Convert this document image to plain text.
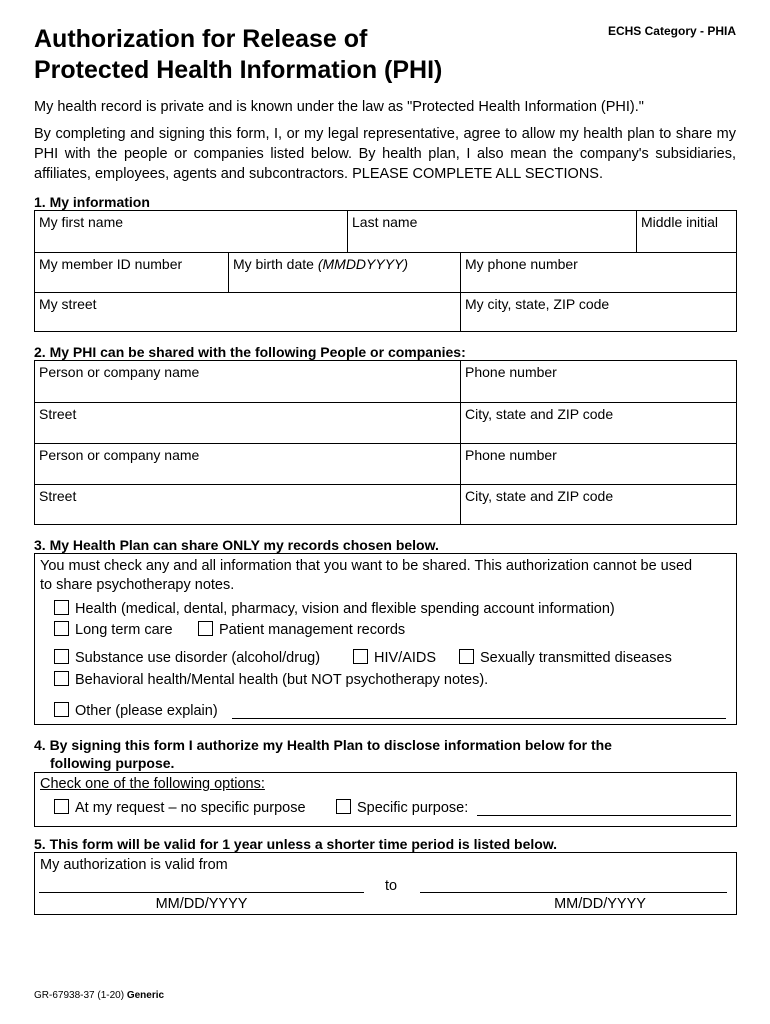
Authorization for Release of
Protected Health Information (PHI)
ECHS Category - PHIA
My health record is private and is known under the law as "Protected Health Information (PHI)."
By completing and signing this form, I, or my legal representative, agree to allow my health plan to share my PHI with the people or companies listed below. By health plan, I also mean the company's subsidiaries, affiliates, employees, agents and subcontractors. PLEASE COMPLETE ALL SECTIONS.
1. My information
My first name	Last name	Middle initial
My member ID number	My birth date (MMDDYYYY)	My phone number
My street	My city, state, ZIP code
2. My PHI can be shared with the following People or companies:
Person or company name	Phone number
Street	City, state and ZIP code
Person or company name	Phone number
Street	City, state and ZIP code
3. My Health Plan can share ONLY my records chosen below.
You must check any and all information that you want to be shared. This authorization cannot be used
to share psychotherapy notes.
Health (medical, dental, pharmacy, vision and flexible spending account information)
Long term care	Patient management records
Substance use disorder (alcohol/drug)	HIV/AIDS	Sexually transmitted diseases
Behavioral health/Mental health (but NOT psychotherapy notes).
Other (please explain)
4. By signing this form I authorize my Health Plan to disclose information below for the
following purpose.
Check one of the following options:
At my request – no specific purpose	Specific purpose:
5. This form will be valid for 1 year unless a shorter time period is listed below.
My authorization is valid from
to
MM/DD/YYYY	MM/DD/YYYY
GR-67938-37 (1-20) Generic
